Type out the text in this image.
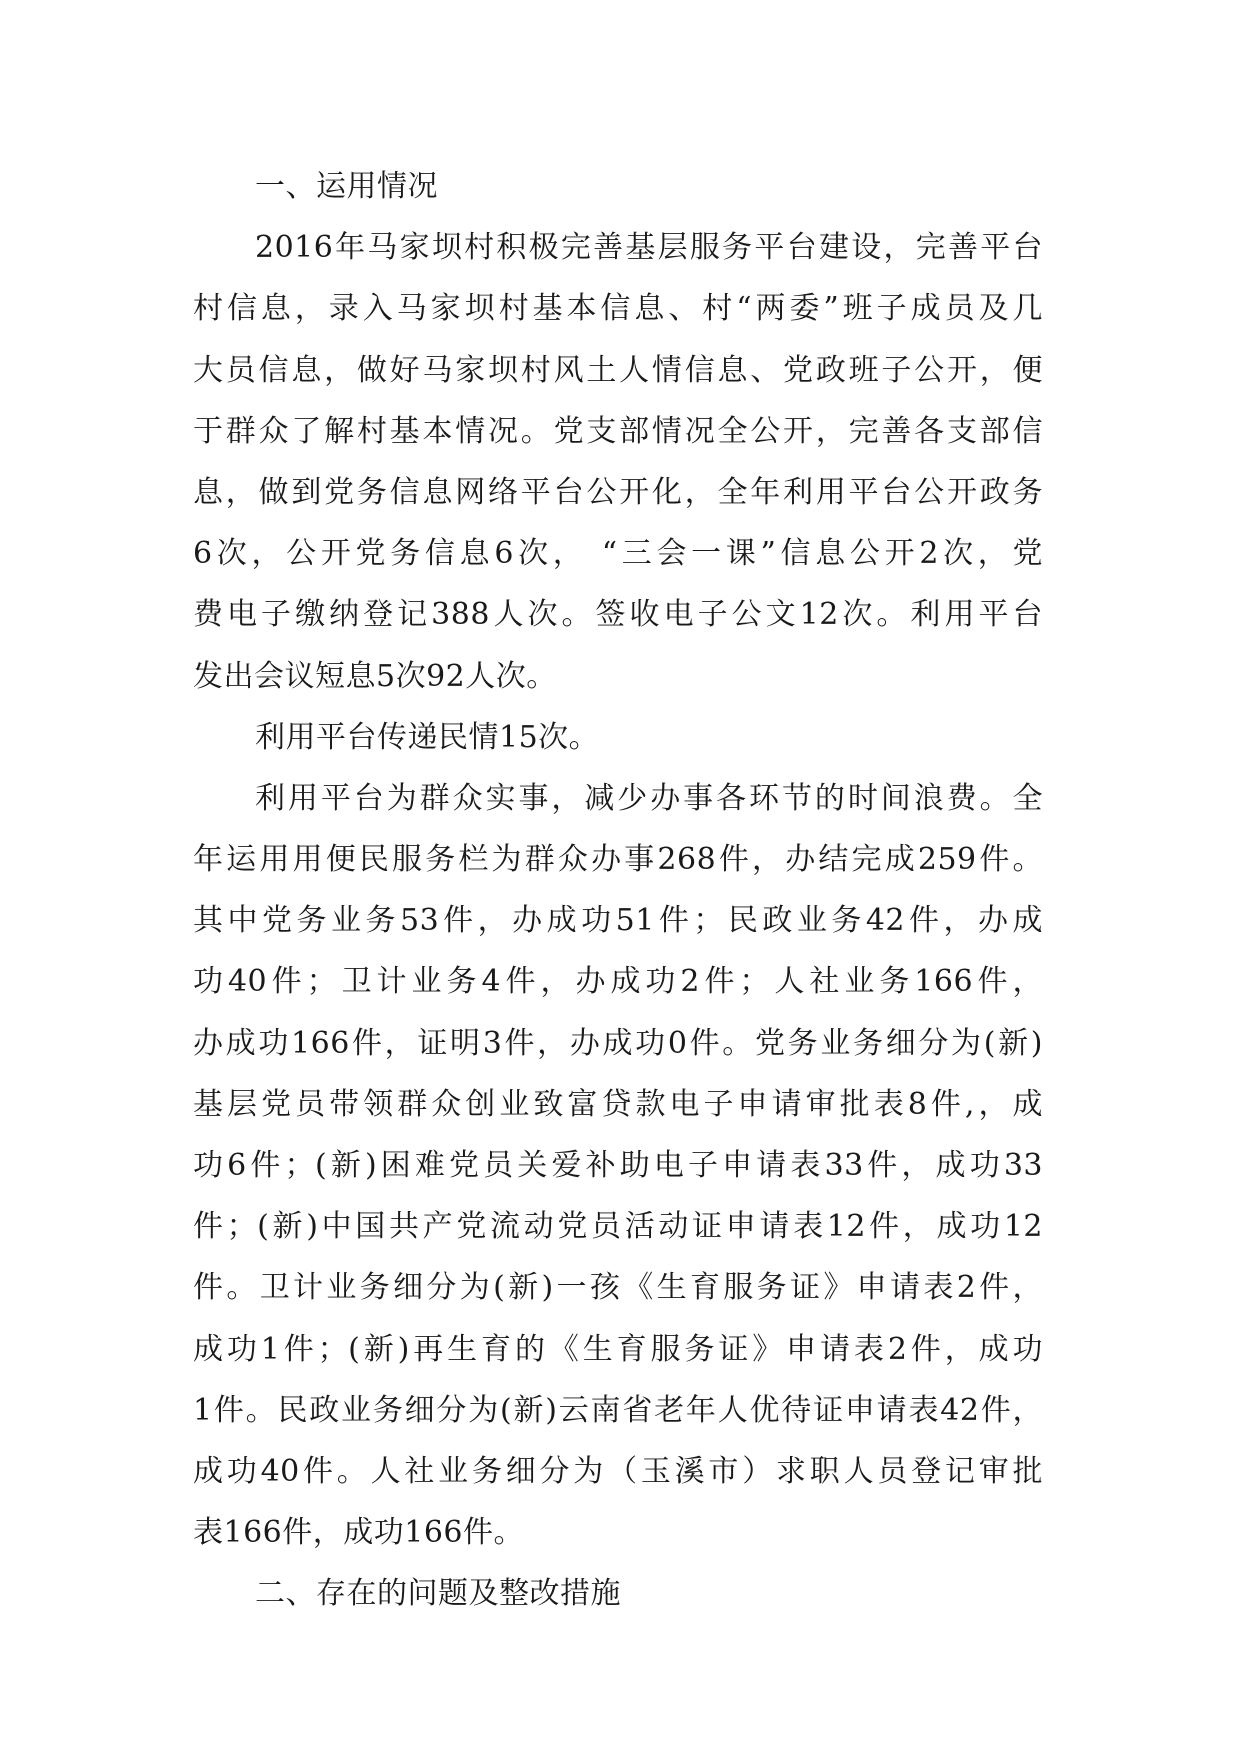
一、运用情况

2016年马家坝村积极完善基层服务平台建设，完善平台
村信息，录入马家坝村基本信息、村“两委”班子成员及几
大员信息，做好马家坝村风土人情信息、党政班子公开，便
于群众了解村基本情况。党支部情况全公开，完善各支部信
息，做到党务信息网络平台公开化，全年利用平台公开政务
6次，公开党务信息6次， “三会一课”信息公开2次，党
费电子缴纳登记388人次。签收电子公文12次。利用平台
发出会议短息5次92人次。

利用平台传递民情15次。

利用平台为群众实事，减少办事各环节的时间浪费。全
年运用用便民服务栏为群众办事268件，办结完成259件。
其中党务业务53件，办成功51件；民政业务42件，办成
功40件；卫计业务4件，办成功2件；人社业务166件，
办成功166件，证明3件，办成功0件。党务业务细分为(新)
基层党员带领群众创业致富贷款电子申请审批表8件,，成
功6件；(新)困难党员关爱补助电子申请表33件，成功33
件；(新)中国共产党流动党员活动证申请表12件，成功12
件。卫计业务细分为(新)一孩《生育服务证》申请表2件，
成功1件；(新)再生育的《生育服务证》申请表2件，成功
1件。民政业务细分为(新)云南省老年人优待证申请表42件，
成功40件。人社业务细分为（玉溪市）求职人员登记审批
表166件，成功166件。

二、存在的问题及整改措施
